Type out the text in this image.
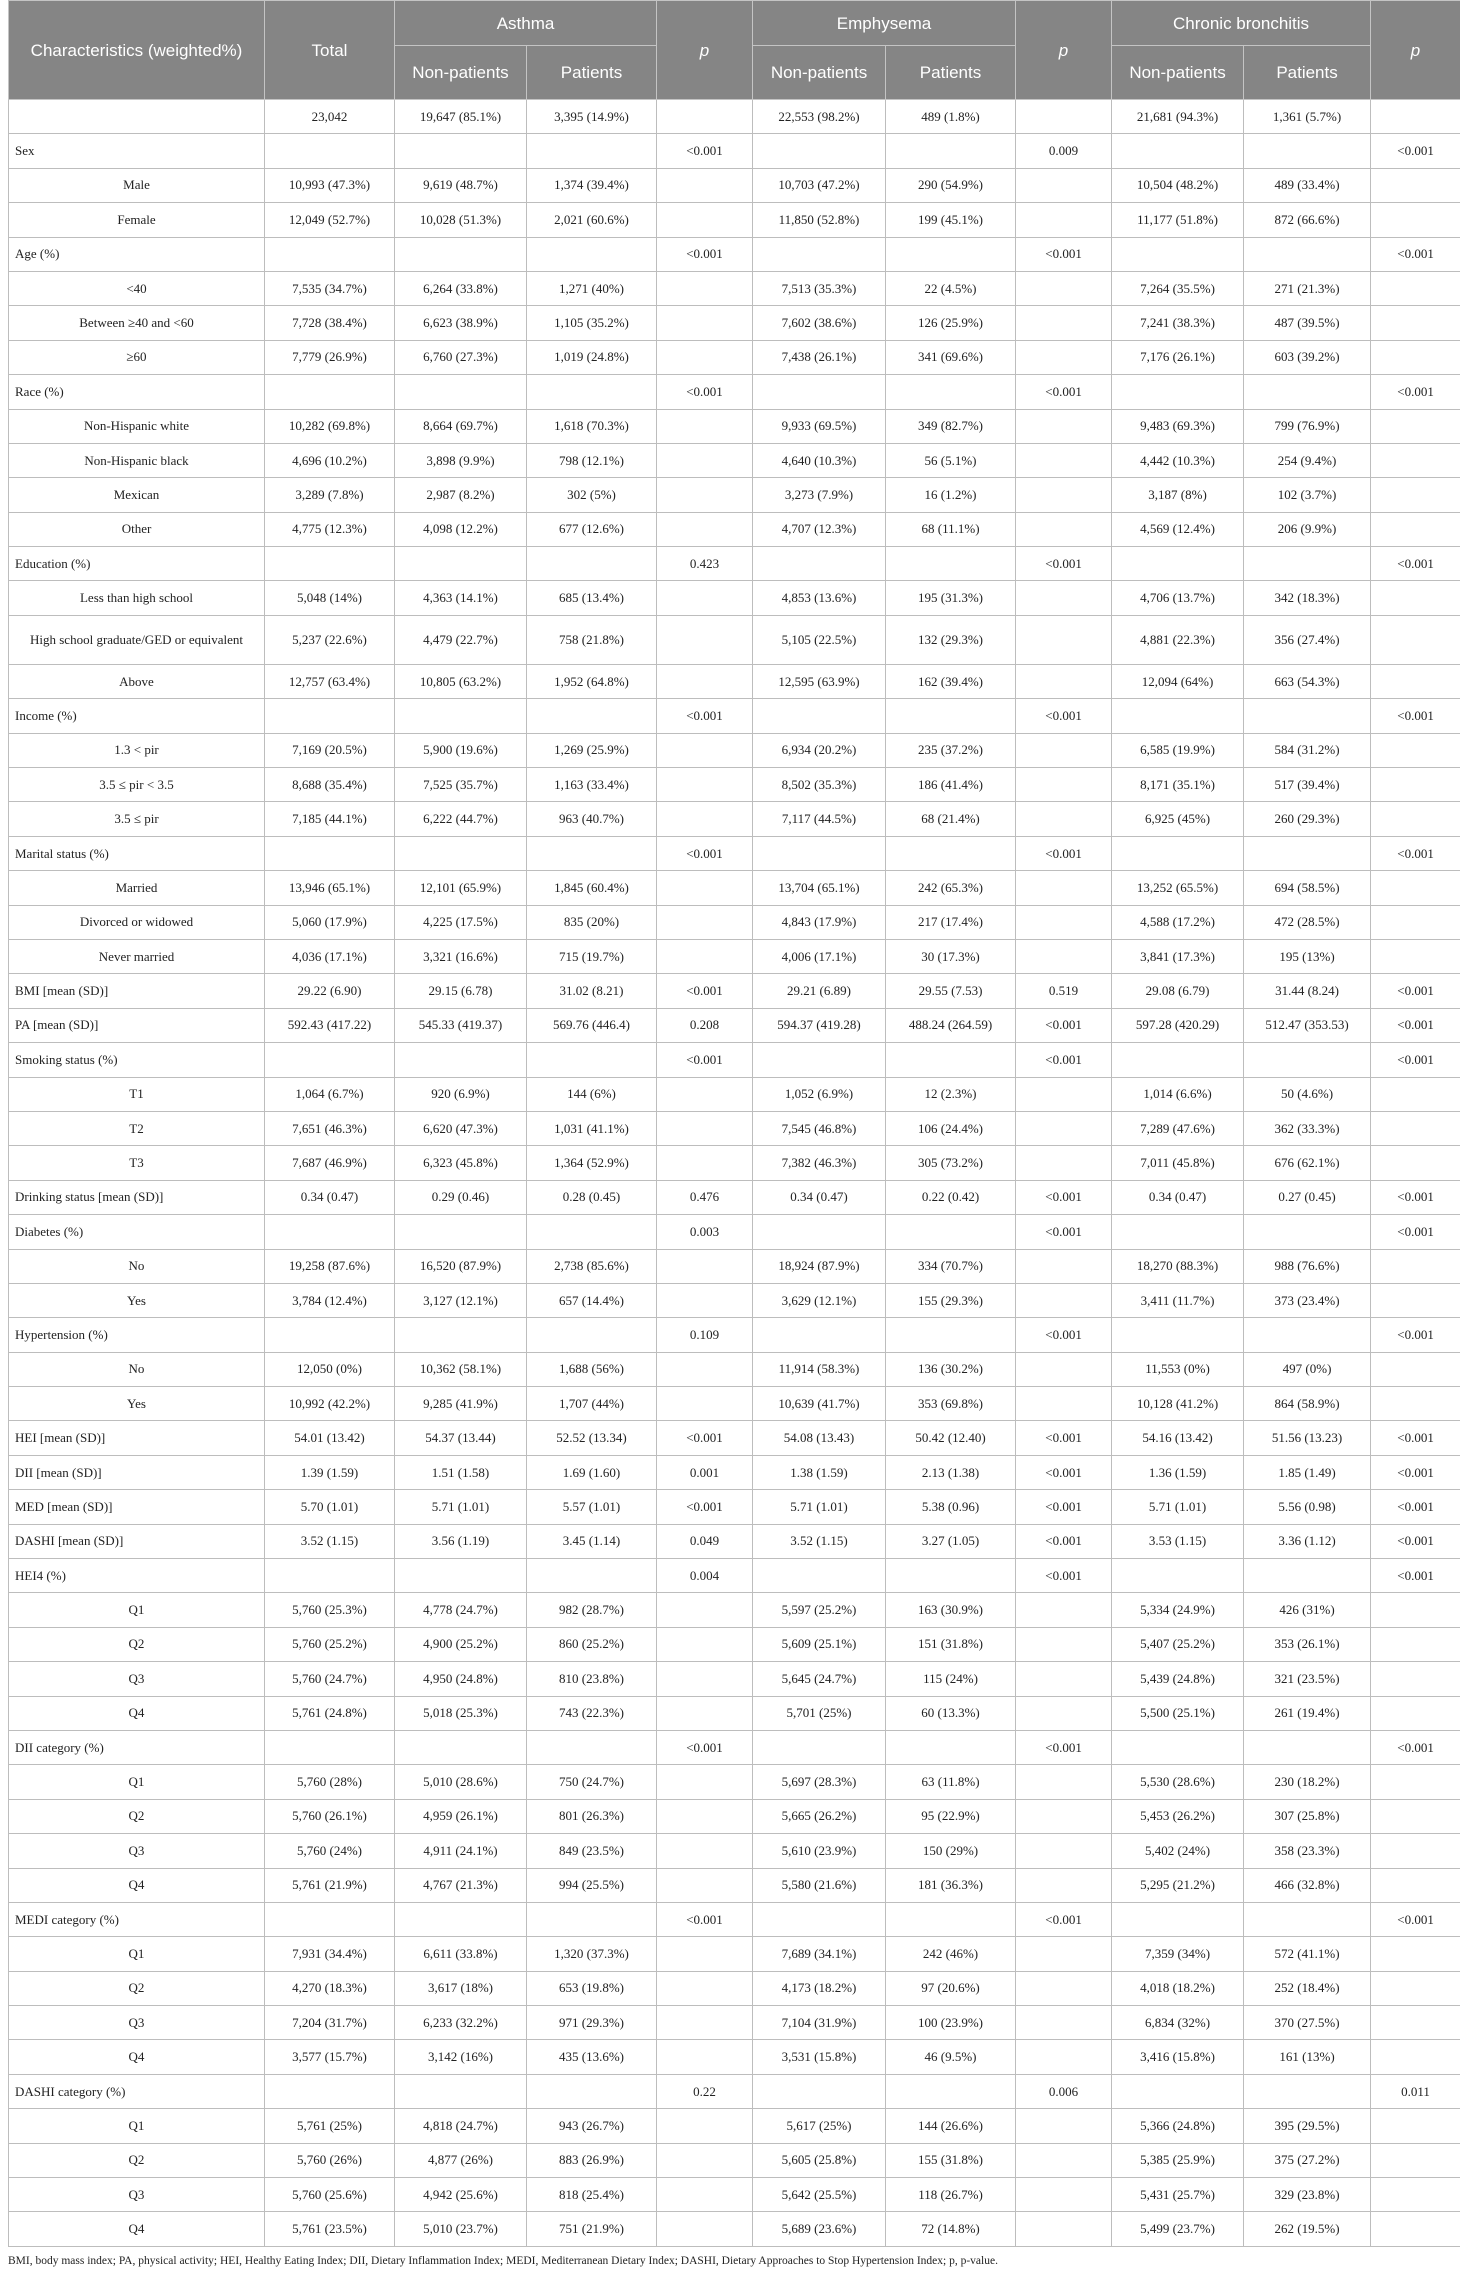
Characteristics (weighted%)	Total	Asthma		p	Emphysema		p	Chronic bronchitis		p
		Non-patients	Patients		Non-patients	Patients		Non-patients	Patients	
	23,042	19,647 (85.1%)	3,395 (14.9%)		22,553 (98.2%)	489 (1.8%)		21,681 (94.3%)	1,361 (5.7%)	
Sex				<0.001			0.009			<0.001
Male	10,993 (47.3%)	9,619 (48.7%)	1,374 (39.4%)		10,703 (47.2%)	290 (54.9%)		10,504 (48.2%)	489 (33.4%)	
Female	12,049 (52.7%)	10,028 (51.3%)	2,021 (60.6%)		11,850 (52.8%)	199 (45.1%)		11,177 (51.8%)	872 (66.6%)	
Age (%)				<0.001			<0.001			<0.001
<40	7,535 (34.7%)	6,264 (33.8%)	1,271 (40%)		7,513 (35.3%)	22 (4.5%)		7,264 (35.5%)	271 (21.3%)	
Between ≥40 and <60	7,728 (38.4%)	6,623 (38.9%)	1,105 (35.2%)		7,602 (38.6%)	126 (25.9%)		7,241 (38.3%)	487 (39.5%)	
≥60	7,779 (26.9%)	6,760 (27.3%)	1,019 (24.8%)		7,438 (26.1%)	341 (69.6%)		7,176 (26.1%)	603 (39.2%)	
Race (%)				<0.001			<0.001			<0.001
Non-Hispanic white	10,282 (69.8%)	8,664 (69.7%)	1,618 (70.3%)		9,933 (69.5%)	349 (82.7%)		9,483 (69.3%)	799 (76.9%)	
Non-Hispanic black	4,696 (10.2%)	3,898 (9.9%)	798 (12.1%)		4,640 (10.3%)	56 (5.1%)		4,442 (10.3%)	254 (9.4%)	
Mexican	3,289 (7.8%)	2,987 (8.2%)	302 (5%)		3,273 (7.9%)	16 (1.2%)		3,187 (8%)	102 (3.7%)	
Other	4,775 (12.3%)	4,098 (12.2%)	677 (12.6%)		4,707 (12.3%)	68 (11.1%)		4,569 (12.4%)	206 (9.9%)	
Education (%)				0.423			<0.001			<0.001
Less than high school	5,048 (14%)	4,363 (14.1%)	685 (13.4%)		4,853 (13.6%)	195 (31.3%)		4,706 (13.7%)	342 (18.3%)	
High school graduate/GED or equivalent	5,237 (22.6%)	4,479 (22.7%)	758 (21.8%)		5,105 (22.5%)	132 (29.3%)		4,881 (22.3%)	356 (27.4%)	
Above	12,757 (63.4%)	10,805 (63.2%)	1,952 (64.8%)		12,595 (63.9%)	162 (39.4%)		12,094 (64%)	663 (54.3%)	
Income (%)				<0.001			<0.001			<0.001
1.3 < pir	7,169 (20.5%)	5,900 (19.6%)	1,269 (25.9%)		6,934 (20.2%)	235 (37.2%)		6,585 (19.9%)	584 (31.2%)	
3.5 ≤ pir < 3.5	8,688 (35.4%)	7,525 (35.7%)	1,163 (33.4%)		8,502 (35.3%)	186 (41.4%)		8,171 (35.1%)	517 (39.4%)	
3.5 ≤ pir	7,185 (44.1%)	6,222 (44.7%)	963 (40.7%)		7,117 (44.5%)	68 (21.4%)		6,925 (45%)	260 (29.3%)	
Marital status (%)				<0.001			<0.001			<0.001
Married	13,946 (65.1%)	12,101 (65.9%)	1,845 (60.4%)		13,704 (65.1%)	242 (65.3%)		13,252 (65.5%)	694 (58.5%)	
Divorced or widowed	5,060 (17.9%)	4,225 (17.5%)	835 (20%)		4,843 (17.9%)	217 (17.4%)		4,588 (17.2%)	472 (28.5%)	
Never married	4,036 (17.1%)	3,321 (16.6%)	715 (19.7%)		4,006 (17.1%)	30 (17.3%)		3,841 (17.3%)	195 (13%)	
BMI [mean (SD)]	29.22 (6.90)	29.15 (6.78)	31.02 (8.21)	<0.001	29.21 (6.89)	29.55 (7.53)	0.519	29.08 (6.79)	31.44 (8.24)	<0.001
PA [mean (SD)]	592.43 (417.22)	545.33 (419.37)	569.76 (446.4)	0.208	594.37 (419.28)	488.24 (264.59)	<0.001	597.28 (420.29)	512.47 (353.53)	<0.001
Smoking status (%)				<0.001			<0.001			<0.001
T1	1,064 (6.7%)	920 (6.9%)	144 (6%)		1,052 (6.9%)	12 (2.3%)		1,014 (6.6%)	50 (4.6%)	
T2	7,651 (46.3%)	6,620 (47.3%)	1,031 (41.1%)		7,545 (46.8%)	106 (24.4%)		7,289 (47.6%)	362 (33.3%)	
T3	7,687 (46.9%)	6,323 (45.8%)	1,364 (52.9%)		7,382 (46.3%)	305 (73.2%)		7,011 (45.8%)	676 (62.1%)	
Drinking status [mean (SD)]	0.34 (0.47)	0.29 (0.46)	0.28 (0.45)	0.476	0.34 (0.47)	0.22 (0.42)	<0.001	0.34 (0.47)	0.27 (0.45)	<0.001
Diabetes (%)				0.003			<0.001			<0.001
No	19,258 (87.6%)	16,520 (87.9%)	2,738 (85.6%)		18,924 (87.9%)	334 (70.7%)		18,270 (88.3%)	988 (76.6%)	
Yes	3,784 (12.4%)	3,127 (12.1%)	657 (14.4%)		3,629 (12.1%)	155 (29.3%)		3,411 (11.7%)	373 (23.4%)	
Hypertension (%)				0.109			<0.001			<0.001
No	12,050 (0%)	10,362 (58.1%)	1,688 (56%)		11,914 (58.3%)	136 (30.2%)		11,553 (0%)	497 (0%)	
Yes	10,992 (42.2%)	9,285 (41.9%)	1,707 (44%)		10,639 (41.7%)	353 (69.8%)		10,128 (41.2%)	864 (58.9%)	
HEI [mean (SD)]	54.01 (13.42)	54.37 (13.44)	52.52 (13.34)	<0.001	54.08 (13.43)	50.42 (12.40)	<0.001	54.16 (13.42)	51.56 (13.23)	<0.001
DII [mean (SD)]	1.39 (1.59)	1.51 (1.58)	1.69 (1.60)	0.001	1.38 (1.59)	2.13 (1.38)	<0.001	1.36 (1.59)	1.85 (1.49)	<0.001
MED [mean (SD)]	5.70 (1.01)	5.71 (1.01)	5.57 (1.01)	<0.001	5.71 (1.01)	5.38 (0.96)	<0.001	5.71 (1.01)	5.56 (0.98)	<0.001
DASHI [mean (SD)]	3.52 (1.15)	3.56 (1.19)	3.45 (1.14)	0.049	3.52 (1.15)	3.27 (1.05)	<0.001	3.53 (1.15)	3.36 (1.12)	<0.001
HEI4 (%)				0.004			<0.001			<0.001
Q1	5,760 (25.3%)	4,778 (24.7%)	982 (28.7%)		5,597 (25.2%)	163 (30.9%)		5,334 (24.9%)	426 (31%)	
Q2	5,760 (25.2%)	4,900 (25.2%)	860 (25.2%)		5,609 (25.1%)	151 (31.8%)		5,407 (25.2%)	353 (26.1%)	
Q3	5,760 (24.7%)	4,950 (24.8%)	810 (23.8%)		5,645 (24.7%)	115 (24%)		5,439 (24.8%)	321 (23.5%)	
Q4	5,761 (24.8%)	5,018 (25.3%)	743 (22.3%)		5,701 (25%)	60 (13.3%)		5,500 (25.1%)	261 (19.4%)	
DII category (%)				<0.001			<0.001			<0.001
Q1	5,760 (28%)	5,010 (28.6%)	750 (24.7%)		5,697 (28.3%)	63 (11.8%)		5,530 (28.6%)	230 (18.2%)	
Q2	5,760 (26.1%)	4,959 (26.1%)	801 (26.3%)		5,665 (26.2%)	95 (22.9%)		5,453 (26.2%)	307 (25.8%)	
Q3	5,760 (24%)	4,911 (24.1%)	849 (23.5%)		5,610 (23.9%)	150 (29%)		5,402 (24%)	358 (23.3%)	
Q4	5,761 (21.9%)	4,767 (21.3%)	994 (25.5%)		5,580 (21.6%)	181 (36.3%)		5,295 (21.2%)	466 (32.8%)	
MEDI category (%)				<0.001			<0.001			<0.001
Q1	7,931 (34.4%)	6,611 (33.8%)	1,320 (37.3%)		7,689 (34.1%)	242 (46%)		7,359 (34%)	572 (41.1%)	
Q2	4,270 (18.3%)	3,617 (18%)	653 (19.8%)		4,173 (18.2%)	97 (20.6%)		4,018 (18.2%)	252 (18.4%)	
Q3	7,204 (31.7%)	6,233 (32.2%)	971 (29.3%)		7,104 (31.9%)	100 (23.9%)		6,834 (32%)	370 (27.5%)	
Q4	3,577 (15.7%)	3,142 (16%)	435 (13.6%)		3,531 (15.8%)	46 (9.5%)		3,416 (15.8%)	161 (13%)	
DASHI category (%)				0.22			0.006			0.011
Q1	5,761 (25%)	4,818 (24.7%)	943 (26.7%)		5,617 (25%)	144 (26.6%)		5,366 (24.8%)	395 (29.5%)	
Q2	5,760 (26%)	4,877 (26%)	883 (26.9%)		5,605 (25.8%)	155 (31.8%)		5,385 (25.9%)	375 (27.2%)	
Q3	5,760 (25.6%)	4,942 (25.6%)	818 (25.4%)		5,642 (25.5%)	118 (26.7%)		5,431 (25.7%)	329 (23.8%)	
Q4	5,761 (23.5%)	5,010 (23.7%)	751 (21.9%)		5,689 (23.6%)	72 (14.8%)		5,499 (23.7%)	262 (19.5%)	
BMI, body mass index; PA, physical activity; HEI, Healthy Eating Index; DII, Dietary Inflammation Index; MEDI, Mediterranean Dietary Index; DASHI, Dietary Approaches to Stop Hypertension Index; p, p-value.
